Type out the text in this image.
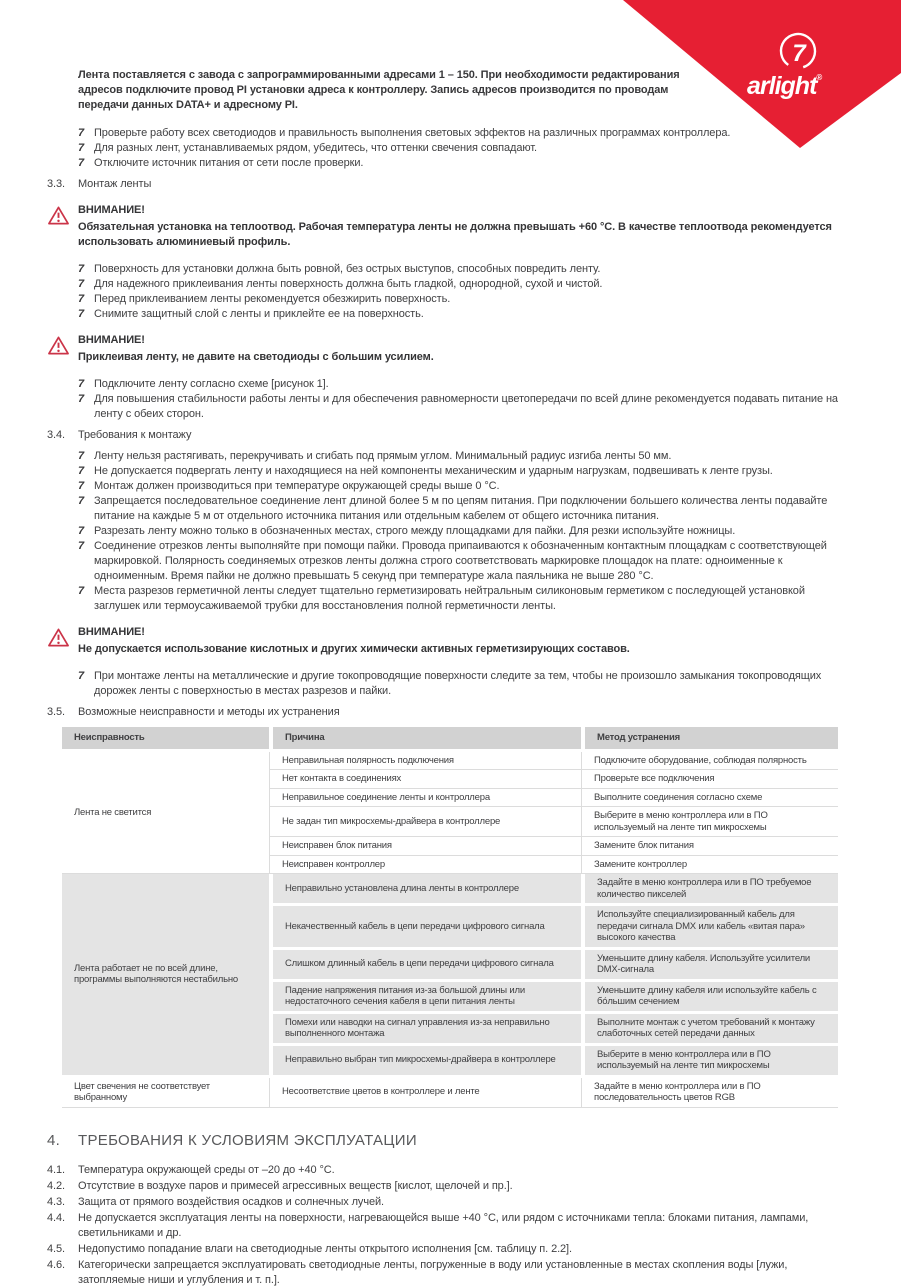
7
arlight®

Лента поставляется с завода с запрограммированными адресами 1 – 150. При необходимости редактирования адресов подключите провод PI установки адреса к контроллеру. Запись адресов производится по проводам передачи данных DATA+ и адресному PI.

7 Проверьте работу всех светодиодов и правильность выполнения световых эффектов на различных программах контроллера.
7 Для разных лент, устанавливаемых рядом, убедитесь, что оттенки свечения совпадают.
7 Отключите источник питания от сети после проверки.
3.3.	Монтаж ленты
ВНИМАНИЕ!
Обязательная установка на теплоотвод. Рабочая температура ленты не должна превышать +60 °C. В качестве теплоотвода рекомендуется использовать алюминиевый профиль.
7 Поверхность для установки должна быть ровной, без острых выступов, способных повредить ленту.
7 Для надежного приклеивания ленты поверхность должна быть гладкой, однородной, сухой и чистой.
7 Перед приклеиванием ленты рекомендуется обезжирить поверхность.
7 Снимите защитный слой с ленты и приклейте ее на поверхность.
ВНИМАНИЕ!
Приклеивая ленту, не давите на светодиоды с большим усилием.
7 Подключите ленту согласно схеме [рисунок 1].
7 Для повышения стабильности работы ленты и для обеспечения равномерности цветопередачи по всей длине рекомендуется подавать питание на ленту с обеих сторон.
3.4.	Требования к монтажу
7 Ленту нельзя растягивать, перекручивать и сгибать под прямым углом. Минимальный радиус изгиба ленты 50 мм.
7 Не допускается подвергать ленту и находящиеся на ней компоненты механическим и ударным нагрузкам, подвешивать к ленте грузы.
7 Монтаж должен производиться при температуре окружающей среды выше 0 °C.
7 Запрещается последовательное соединение лент длиной более 5 м по цепям питания. При подключении большего количества ленты подавайте питание на каждые 5 м от отдельного источника питания или отдельным кабелем от общего источника питания.
7 Разрезать ленту можно только в обозначенных местах, строго между площадками для пайки. Для резки используйте ножницы.
7 Соединение отрезков ленты выполняйте при помощи пайки. Провода припаиваются к обозначенным контактным площадкам с соответствующей маркировкой. Полярность соединяемых отрезков ленты должна строго соответствовать маркировке площадок на плате: одноименные к одноименным. Время пайки не должно превышать 5 секунд при температуре жала паяльника не выше 280 °C.
7 Места разрезов герметичной ленты следует тщательно герметизировать нейтральным силиконовым герметиком с последующей установкой заглушек или термоусаживаемой трубки для восстановления полной герметичности ленты.
ВНИМАНИЕ!
Не допускается использование кислотных и других химически активных герметизирующих составов.
7 При монтаже ленты на металлические и другие токопроводящие поверхности следите за тем, чтобы не произошло замыкания токопроводящих дорожек ленты с поверхностью в местах разрезов и пайки.
3.5.	Возможные неисправности и методы их устранения
Неисправность	Причина	Метод устранения
Лента не светится	Неправильная полярность подключения	Подключите оборудование, соблюдая полярность
	Нет контакта в соединениях	Проверьте все подключения
	Неправильное соединение ленты и контроллера	Выполните соединения согласно схеме
	Не задан тип микросхемы-драйвера в контроллере	Выберите в меню контроллера или в ПО используемый на ленте тип микросхемы
	Неисправен блок питания	Замените блок питания
	Неисправен контроллер	Замените контроллер
Лента работает не по всей длине, программы выполняются нестабильно	Неправильно установлена длина ленты в контроллере	Задайте в меню контроллера или в ПО требуемое количество пикселей
	Некачественный кабель в цепи передачи цифрового сигнала	Используйте специализированный кабель для передачи сигнала DMX или кабель «витая пара» высокого качества
	Слишком длинный кабель в цепи передачи цифрового сигнала	Уменьшите длину кабеля. Используйте усилители DMX-сигнала
	Падение напряжения питания из-за большой длины или недостаточного сечения кабеля в цепи питания ленты	Уменьшите длину кабеля или используйте кабель с бо́льшим сечением
	Помехи или наводки на сигнал управления из-за неправильно выполненного монтажа	Выполните монтаж с учетом требований к монтажу слаботочных сетей передачи данных
	Неправильно выбран тип микросхемы-драйвера в контроллере	Выберите в меню контроллера или в ПО используемый на ленте тип микросхемы
Цвет свечения не соответствует выбранному	Несоответствие цветов в контроллере и ленте	Задайте в меню контроллера или в ПО последовательность цветов RGB
4.	ТРЕБОВАНИЯ К УСЛОВИЯМ ЭКСПЛУАТАЦИИ
4.1.	Температура окружающей среды от –20 до +40 °C.
4.2.	Отсутствие в воздухе паров и примесей агрессивных веществ [кислот, щелочей и пр.].
4.3.	Защита от прямого воздействия осадков и солнечных лучей.
4.4.	Не допускается эксплуатация ленты на поверхности, нагревающейся выше +40 °C, или рядом с источниками тепла: блоками питания, лампами, светильниками и др.
4.5.	Недопустимо попадание влаги на светодиодные ленты открытого исполнения [см. таблицу п. 2.2].
4.6.	Категорически запрещается эксплуатировать светодиодные ленты, погруженные в воду или установленные в местах скопления воды [лужи, затопляемые ниши и углубления и т. п.].
